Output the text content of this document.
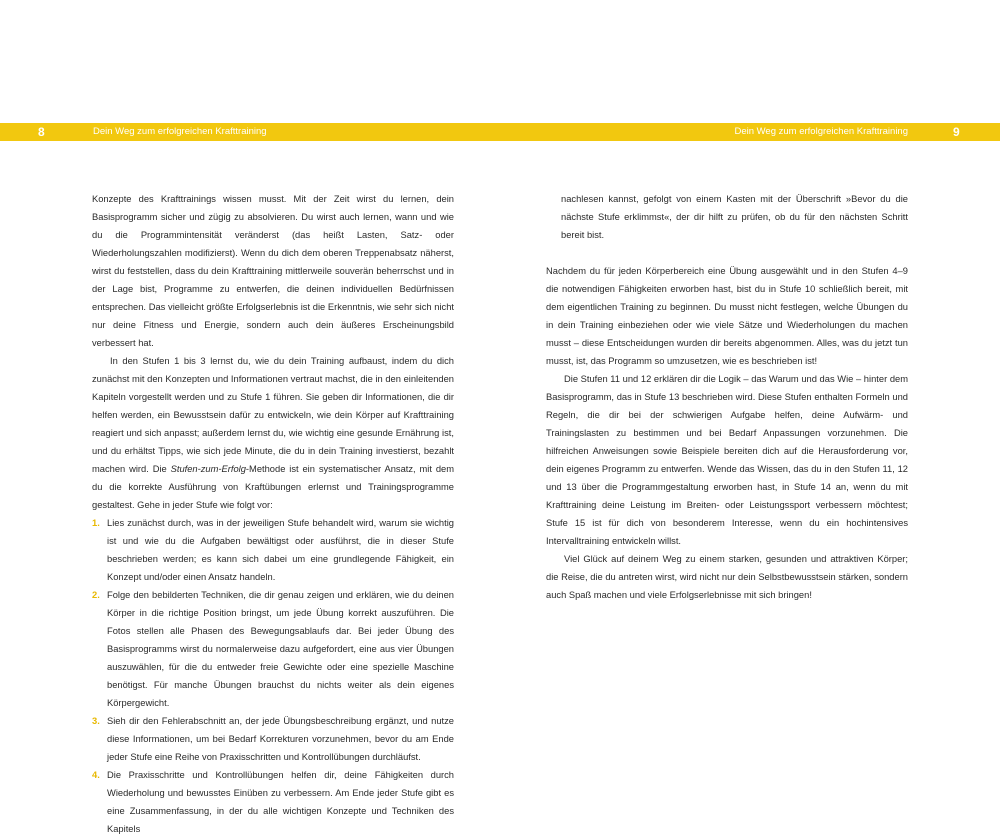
8	Dein Weg zum erfolgreichen Krafttraining	Dein Weg zum erfolgreichen Krafttraining	9

Konzepte des Krafttrainings wissen musst. Mit der Zeit wirst du lernen, dein Basisprogramm sicher und zügig zu absolvieren. Du wirst auch lernen, wann und wie du die Programmintensität veränderst (das heißt Lasten, Satz- oder Wiederholungszahlen modifizierst). Wenn du dich dem oberen Treppenabsatz näherst, wirst du feststellen, dass du dein Krafttraining mittlerweile souverän beherrschst und in der Lage bist, Programme zu entwerfen, die deinen individuellen Bedürfnissen entsprechen. Das vielleicht größte Erfolgserlebnis ist die Erkenntnis, wie sehr sich nicht nur deine Fitness und Energie, sondern auch dein äußeres Erscheinungsbild verbessert hat.

In den Stufen 1 bis 3 lernst du, wie du dein Training aufbaust, indem du dich zunächst mit den Konzepten und Informationen vertraut machst, die in den einleitenden Kapiteln vorgestellt werden und zu Stufe 1 führen. Sie geben dir Informationen, die dir helfen werden, ein Bewusstsein dafür zu entwickeln, wie dein Körper auf Krafttraining reagiert und sich anpasst; außerdem lernst du, wie wichtig eine gesunde Ernährung ist, und du erhältst Tipps, wie sich jede Minute, die du in dein Training investierst, bezahlt machen wird. Die Stufen-zum-Erfolg-Methode ist ein systematischer Ansatz, mit dem du die korrekte Ausführung von Kraftübungen erlernst und Trainingsprogramme gestaltest. Gehe in jeder Stufe wie folgt vor:

1. Lies zunächst durch, was in der jeweiligen Stufe behandelt wird, warum sie wichtig ist und wie du die Aufgaben bewältigst oder ausführst, die in dieser Stufe beschrieben werden; es kann sich dabei um eine grundlegende Fähigkeit, ein Konzept und/oder einen Ansatz handeln.
2. Folge den bebilderten Techniken, die dir genau zeigen und erklären, wie du deinen Körper in die richtige Position bringst, um jede Übung korrekt auszuführen. Die Fotos stellen alle Phasen des Bewegungsablaufs dar. Bei jeder Übung des Basisprogramms wirst du normalerweise dazu aufgefordert, eine aus vier Übungen auszuwählen, für die du entweder freie Gewichte oder eine spezielle Maschine benötigst. Für manche Übungen brauchst du nichts weiter als dein eigenes Körpergewicht.
3. Sieh dir den Fehlerabschnitt an, der jede Übungsbeschreibung ergänzt, und nutze diese Informationen, um bei Bedarf Korrekturen vorzunehmen, bevor du am Ende jeder Stufe eine Reihe von Praxisschritten und Kontrollübungen durchläufst.
4. Die Praxisschritte und Kontrollübungen helfen dir, deine Fähigkeiten durch Wiederholung und bewusstes Einüben zu verbessern. Am Ende jeder Stufe gibt es eine Zusammenfassung, in der du alle wichtigen Konzepte und Techniken des Kapitels

nachlesen kannst, gefolgt von einem Kasten mit der Überschrift »Bevor du die nächste Stufe erklimmst«, der dir hilft zu prüfen, ob du für den nächsten Schritt bereit bist.

Nachdem du für jeden Körperbereich eine Übung ausgewählt und in den Stufen 4–9 die notwendigen Fähigkeiten erworben hast, bist du in Stufe 10 schließlich bereit, mit dem eigentlichen Training zu beginnen. Du musst nicht festlegen, welche Übungen du in dein Training einbeziehen oder wie viele Sätze und Wiederholungen du machen musst – diese Entscheidungen wurden dir bereits abgenommen. Alles, was du jetzt tun musst, ist, das Programm so umzusetzen, wie es beschrieben ist!

Die Stufen 11 und 12 erklären dir die Logik – das Warum und das Wie – hinter dem Basisprogramm, das in Stufe 13 beschrieben wird. Diese Stufen enthalten Formeln und Regeln, die dir bei der schwierigen Aufgabe helfen, deine Aufwärm- und Trainingslasten zu bestimmen und bei Bedarf Anpassungen vorzunehmen. Die hilfreichen Anweisungen sowie Beispiele bereiten dich auf die Herausforderung vor, dein eigenes Programm zu entwerfen. Wende das Wissen, das du in den Stufen 11, 12 und 13 über die Programmgestaltung erworben hast, in Stufe 14 an, wenn du mit Krafttraining deine Leistung im Breiten- oder Leistungssport verbessern möchtest; Stufe 15 ist für dich von besonderem Interesse, wenn du ein hochintensives Intervalltraining entwickeln willst.

Viel Glück auf deinem Weg zu einem starken, gesunden und attraktiven Körper; die Reise, die du antreten wirst, wird nicht nur dein Selbstbewusstsein stärken, sondern auch Spaß machen und viele Erfolgserlebnisse mit sich bringen!
